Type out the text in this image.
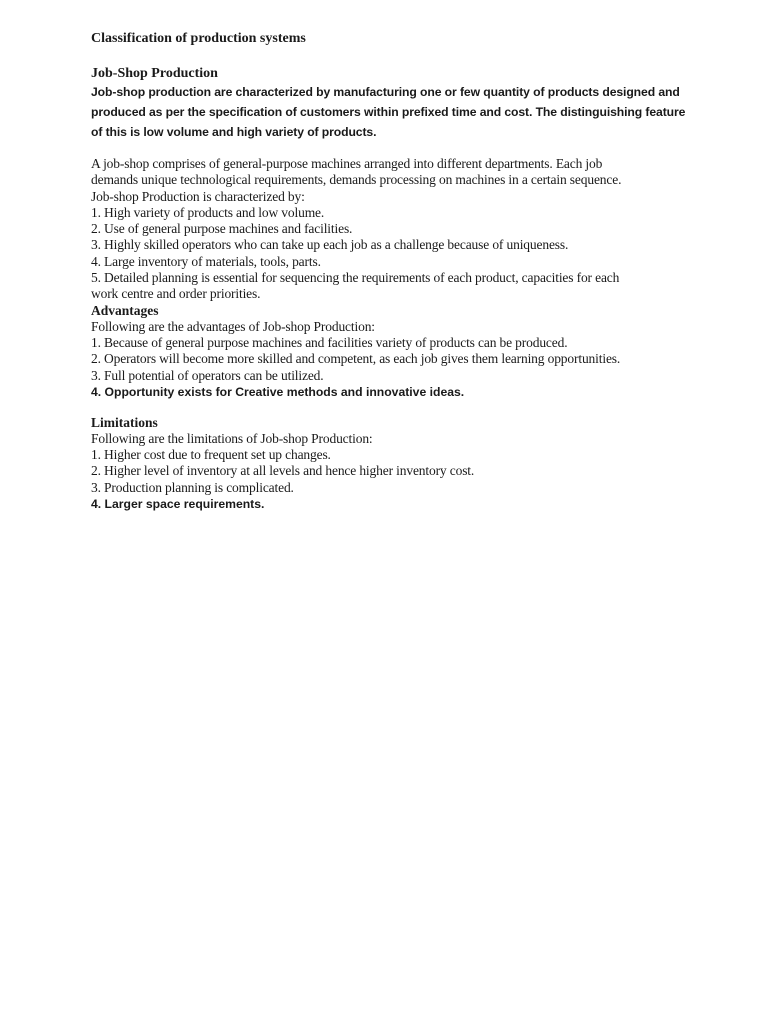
Classification of production systems
Job-Shop Production
Job-shop production are characterized by manufacturing one or few quantity of products designed and
produced as per the specification of customers within prefixed time and cost. The distinguishing feature
of this is low volume and high variety of products.
A job-shop comprises of general-purpose machines arranged into different departments. Each job
demands unique technological requirements, demands processing on machines in a certain sequence.
Job-shop Production is characterized by:
1. High variety of products and low volume.
2. Use of general purpose machines and facilities.
3. Highly skilled operators who can take up each job as a challenge because of uniqueness.
4. Large inventory of materials, tools, parts.
5. Detailed planning is essential for sequencing the requirements of each product, capacities for each
work centre and order priorities.
Advantages
Following are the advantages of Job-shop Production:
1. Because of general purpose machines and facilities variety of products can be produced.
2. Operators will become more skilled and competent, as each job gives them learning opportunities.
3. Full potential of operators can be utilized.
4. Opportunity exists for Creative methods and innovative ideas.
Limitations
Following are the limitations of Job-shop Production:
1. Higher cost due to frequent set up changes.
2. Higher level of inventory at all levels and hence higher inventory cost.
3. Production planning is complicated.
4. Larger space requirements.
